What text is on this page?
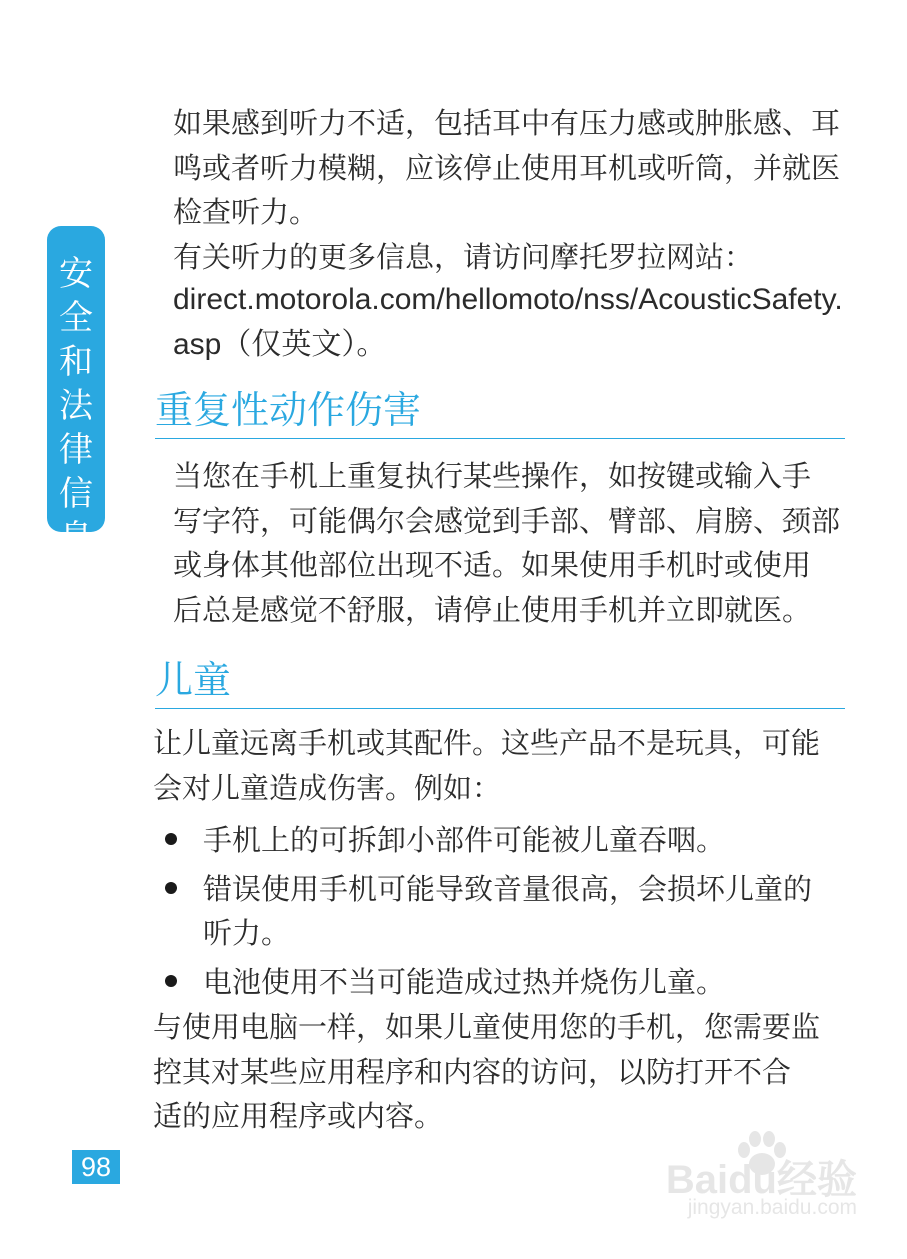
安
全
和
法
律
信
息

如果感到听力不适，包括耳中有压力感或肿胀感、耳
鸣或者听力模糊，应该停止使用耳机或听筒，并就医
检查听力。
有关听力的更多信息，请访问摩托罗拉网站：

direct.motorola.com/hellomoto/nss/AcousticSafety.
asp（仅英文）。
重复性动作伤害

当您在手机上重复执行某些操作，如按键或输入手
写字符，可能偶尔会感觉到手部、臂部、肩膀、颈部
或身体其他部位出现不适。如果使用手机时或使用
后总是感觉不舒服，请停止使用手机并立即就医。

儿童

让儿童远离手机或其配件。这些产品不是玩具，可能
会对儿童造成伤害。例如：

手机上的可拆卸小部件可能被儿童吞咽。
错误使用手机可能导致音量很高，会损坏儿童的
听力。
电池使用不当可能造成过热并烧伤儿童。

与使用电脑一样，如果儿童使用您的手机，您需要监
控其对某些应用程序和内容的访问，以防打开不合
适的应用程序或内容。

98	Baidu经验
jingyan.baidu.com
